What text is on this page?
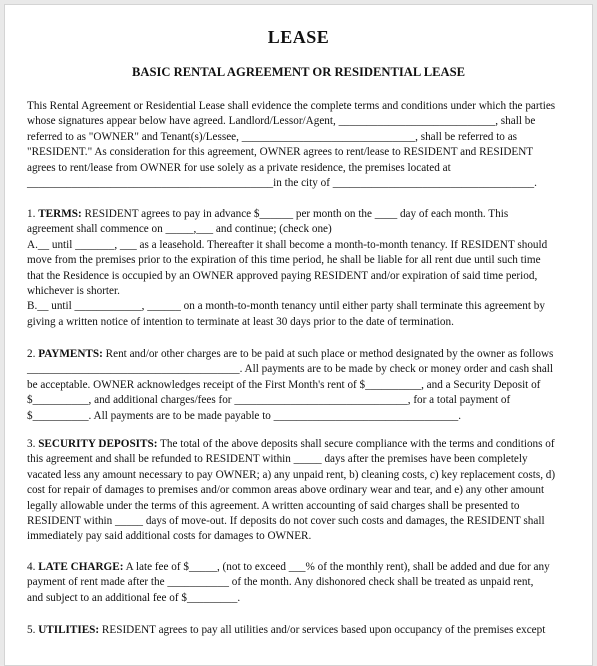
LEASE
BASIC RENTAL AGREEMENT OR RESIDENTIAL LEASE
This Rental Agreement or Residential Lease shall evidence the complete terms and conditions under which the parties
whose signatures appear below have agreed. Landlord/Lessor/Agent, ____________________________, shall be
referred to as "OWNER" and Tenant(s)/Lessee, _______________________________, shall be referred to as
"RESIDENT." As consideration for this agreement, OWNER agrees to rent/lease to RESIDENT and RESIDENT
agrees to rent/lease from OWNER for use solely as a private residence, the premises located at
____________________________________________in the city of ____________________________________.
1. TERMS: RESIDENT agrees to pay in advance $______ per month on the ____ day of each month. This
agreement shall commence on _____,___ and continue; (check one)
A.__ until _______, ___ as a leasehold. Thereafter it shall become a month-to-month tenancy. If RESIDENT should
move from the premises prior to the expiration of this time period, he shall be liable for all rent due until such time
that the Residence is occupied by an OWNER approved paying RESIDENT and/or expiration of said time period,
whichever is shorter.
B.__ until ____________, ______ on a month-to-month tenancy until either party shall terminate this agreement by
giving a written notice of intention to terminate at least 30 days prior to the date of termination.
2. PAYMENTS: Rent and/or other charges are to be paid at such place or method designated by the owner as follows
______________________________________. All payments are to be made by check or money order and cash shall
be acceptable. OWNER acknowledges receipt of the First Month's rent of $__________, and a Security Deposit of
$__________, and additional charges/fees for _______________________________, for a total payment of
$__________. All payments are to be made payable to _________________________________.
3. SECURITY DEPOSITS: The total of the above deposits shall secure compliance with the terms and conditions of
this agreement and shall be refunded to RESIDENT within _____ days after the premises have been completely
vacated less any amount necessary to pay OWNER; a) any unpaid rent, b) cleaning costs, c) key replacement costs, d)
cost for repair of damages to premises and/or common areas above ordinary wear and tear, and e) any other amount
legally allowable under the terms of this agreement. A written accounting of said charges shall be presented to
RESIDENT within _____ days of move-out. If deposits do not cover such costs and damages, the RESIDENT shall
immediately pay said additional costs for damages to OWNER.
4. LATE CHARGE: A late fee of $_____, (not to exceed ___% of the monthly rent), shall be added and due for any
payment of rent made after the ___________ of the month. Any dishonored check shall be treated as unpaid rent,
and subject to an additional fee of $_________.
5. UTILITIES: RESIDENT agrees to pay all utilities and/or services based upon occupancy of the premises except
